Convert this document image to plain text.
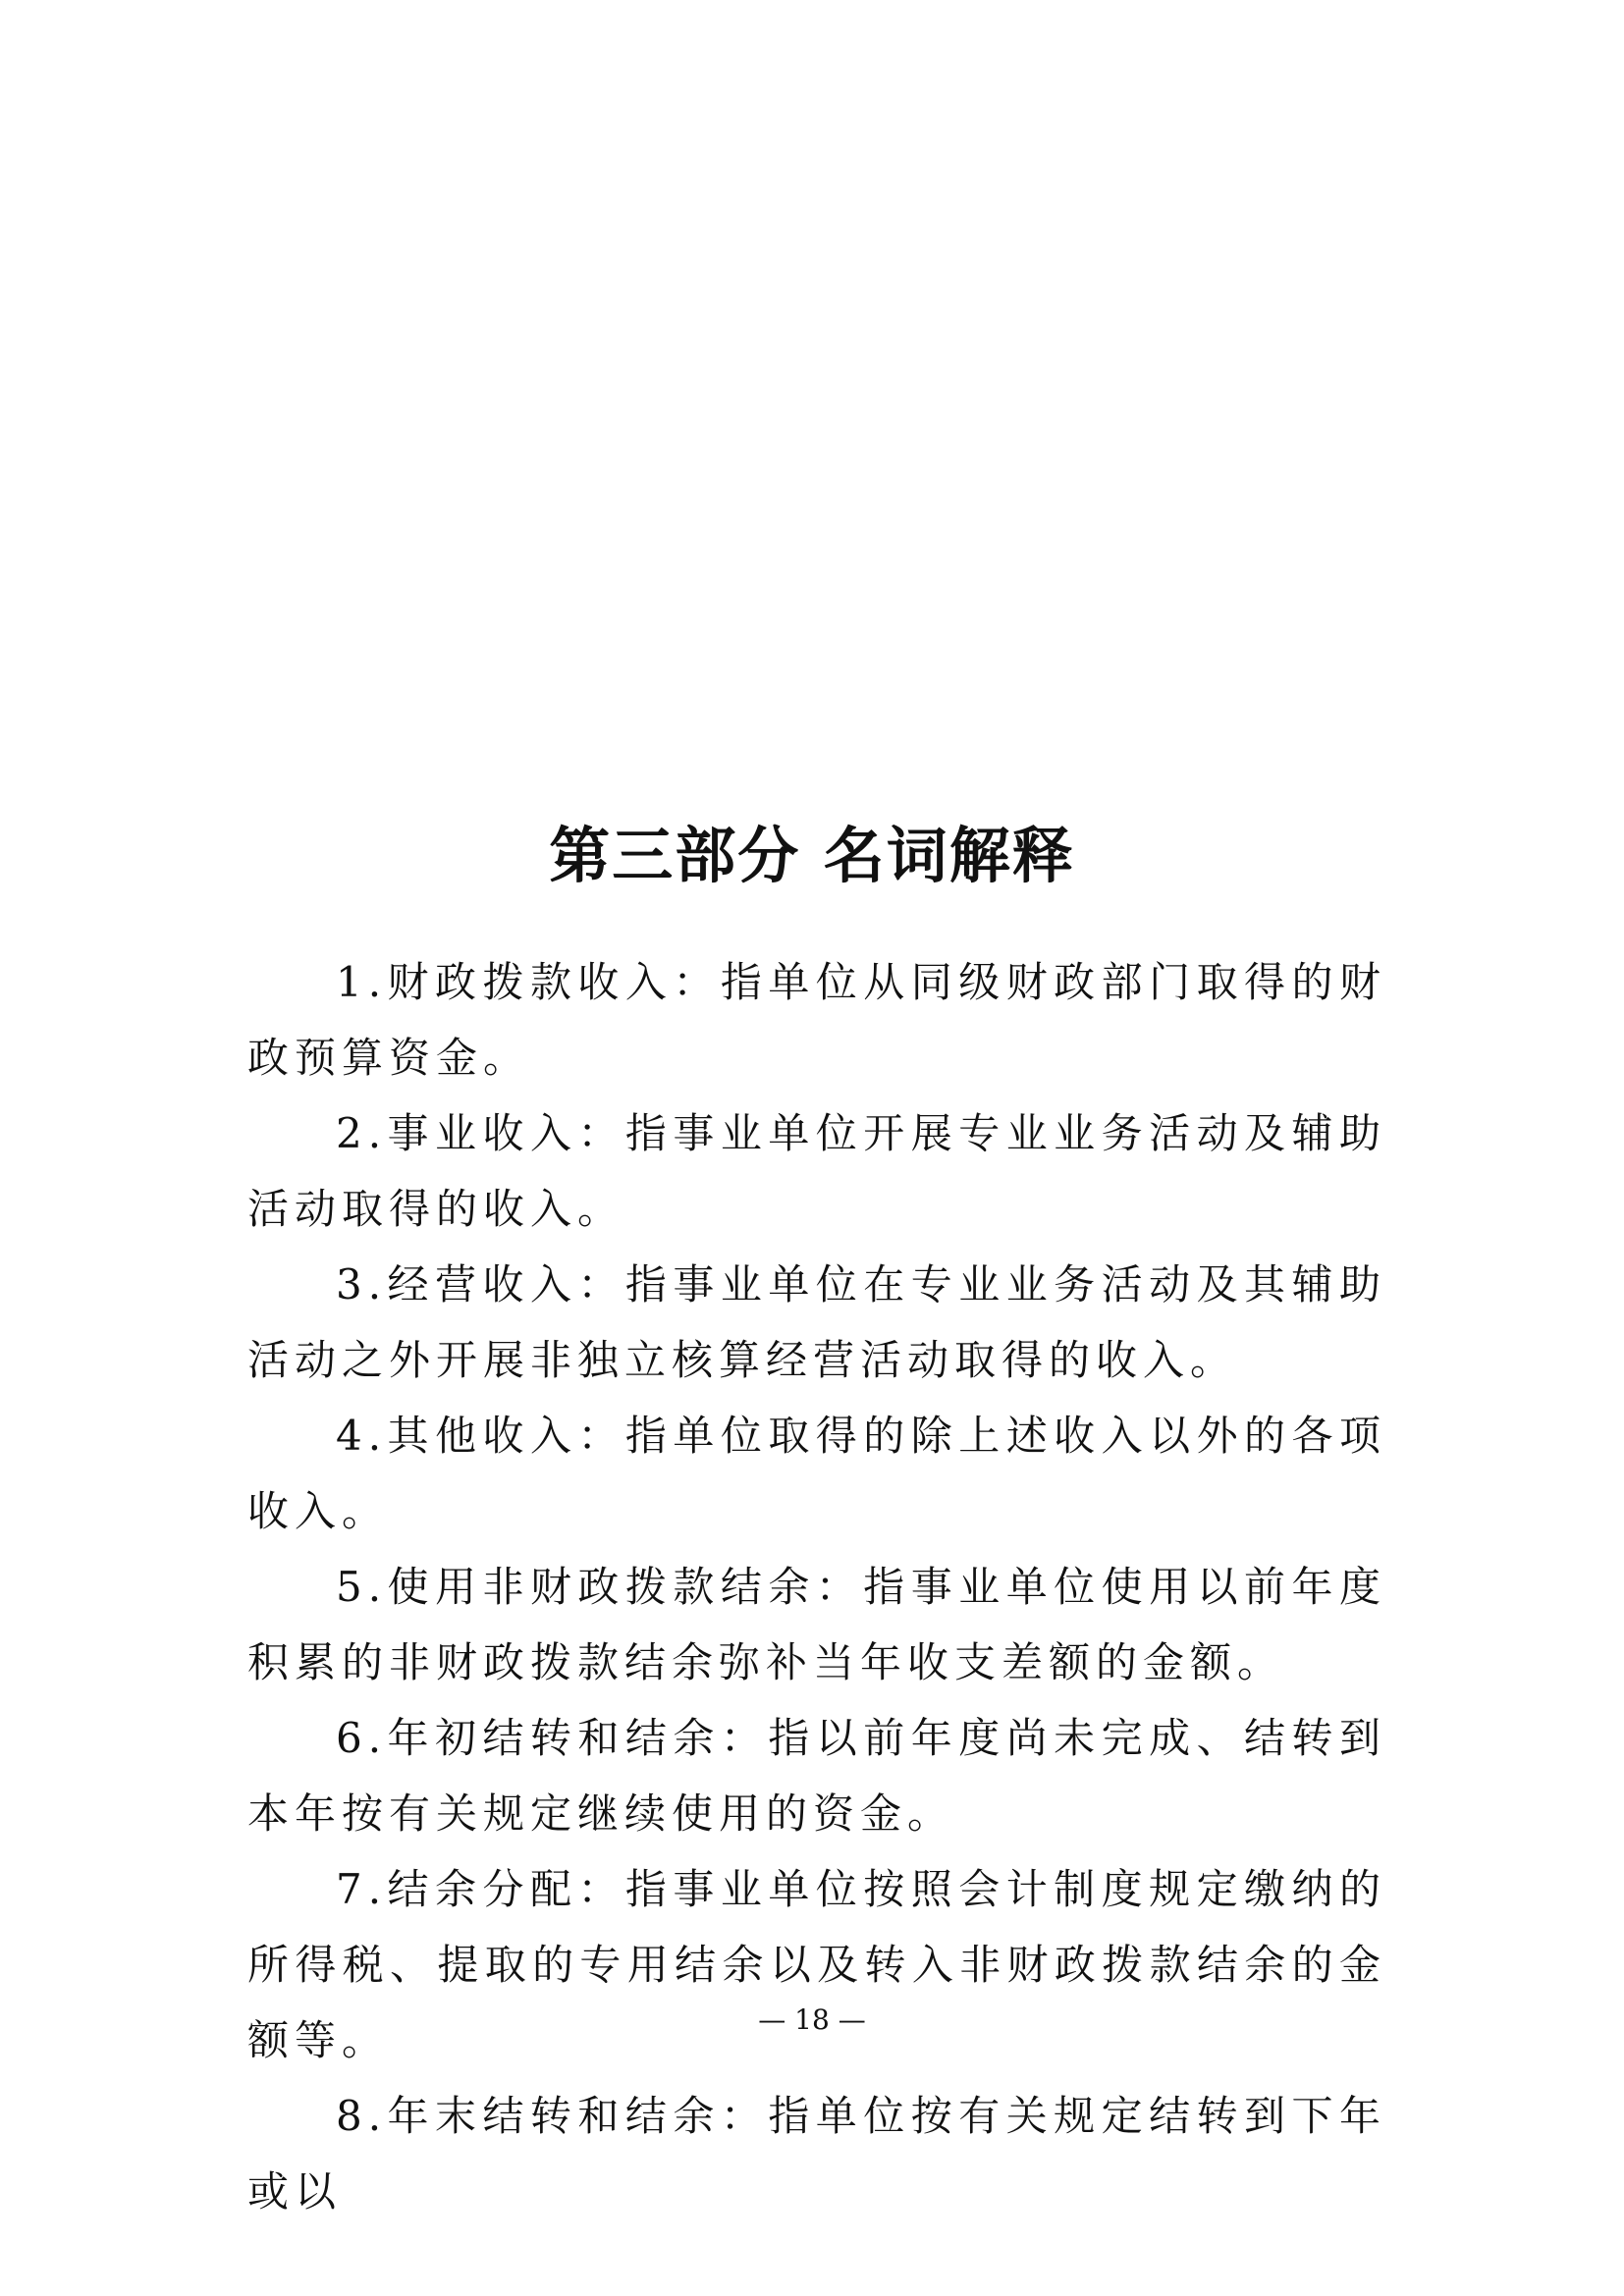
第三部分 名词解释

1.财政拨款收入：指单位从同级财政部门取得的财政预算资金。

2.事业收入：指事业单位开展专业业务活动及辅助活动取得的收入。

3.经营收入：指事业单位在专业业务活动及其辅助活动之外开展非独立核算经营活动取得的收入。

4.其他收入：指单位取得的除上述收入以外的各项收入。

5.使用非财政拨款结余：指事业单位使用以前年度积累的非财政拨款结余弥补当年收支差额的金额。

6.年初结转和结余：指以前年度尚未完成、结转到本年按有关规定继续使用的资金。

7.结余分配：指事业单位按照会计制度规定缴纳的所得税、提取的专用结余以及转入非财政拨款结余的金额等。

8.年末结转和结余：指单位按有关规定结转到下年或以

— 18 —
